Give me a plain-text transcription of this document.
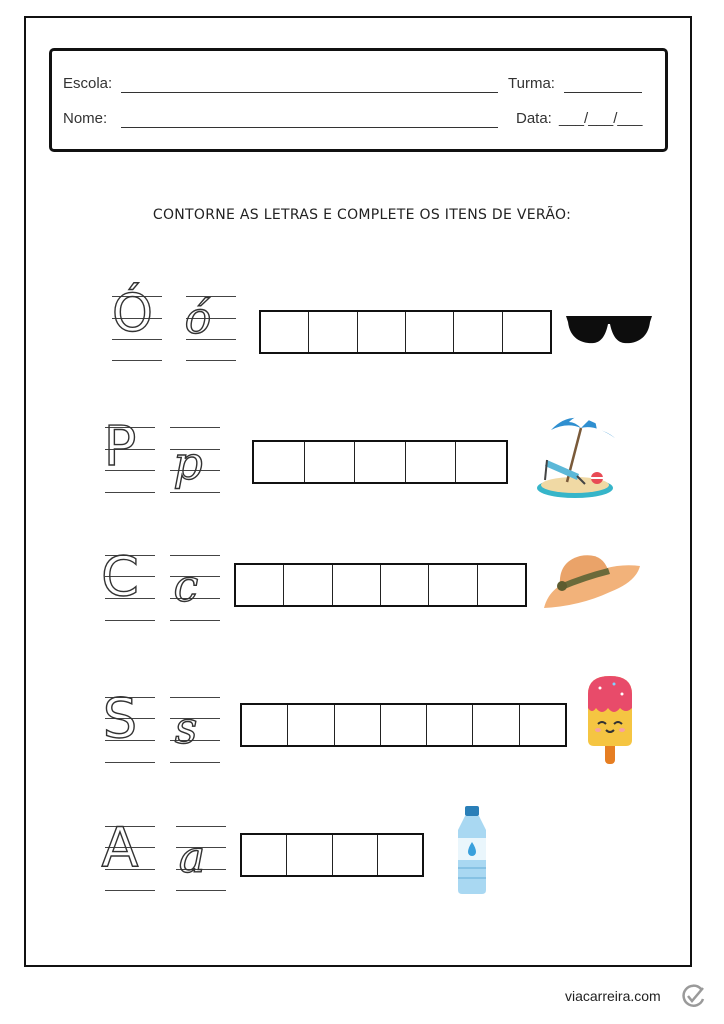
Escola:	Turma:
Nome:	Data: ___/___/___
CONTORNE AS LETRAS E COMPLETE OS ITENS DE VERÃO:
Ó ó
P p
C c
S s
A a
viacarreira.com
